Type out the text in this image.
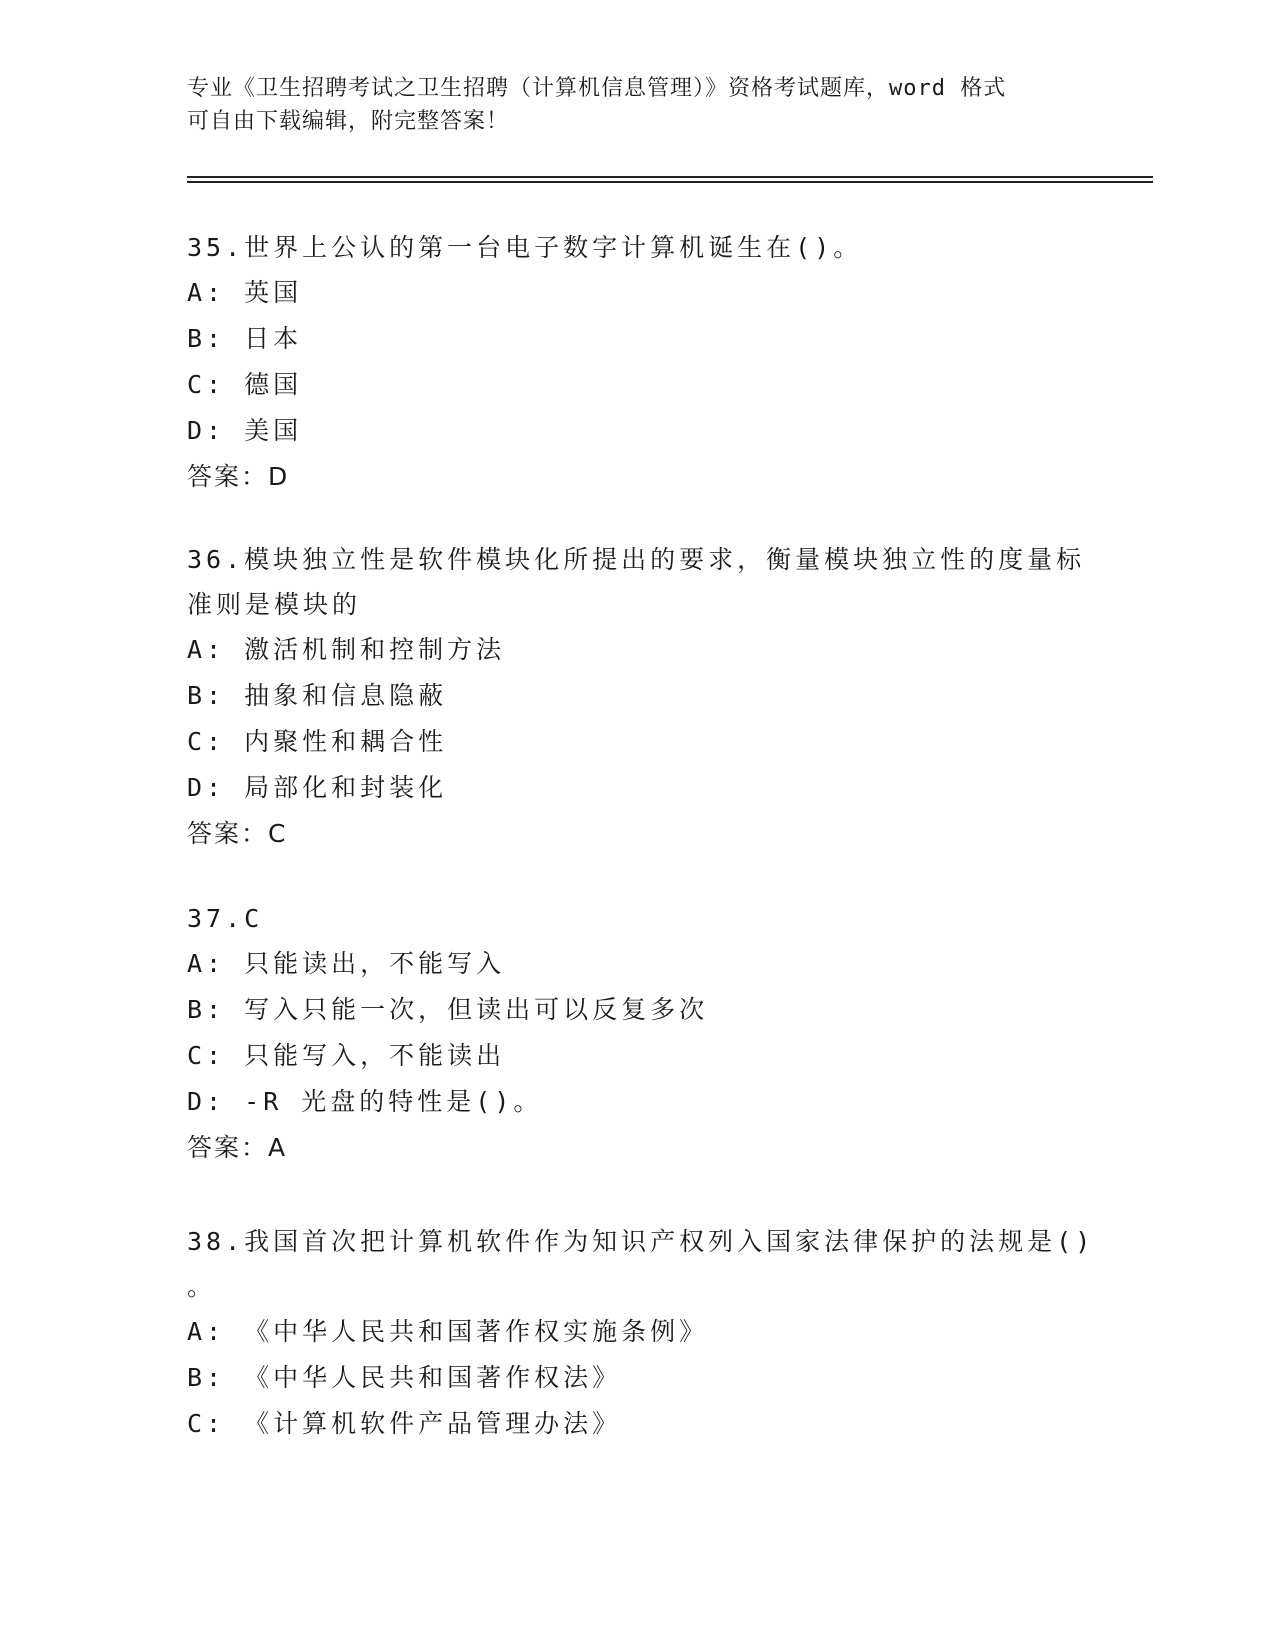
专业《卫生招聘考试之卫生招聘（计算机信息管理）》资格考试题库，word 格式
可自由下载编辑，附完整答案！
35.世界上公认的第一台电子数字计算机诞生在()。
A: 英国
B: 日本
C: 德国
D: 美国
答案：D
36.模块独立性是软件模块化所提出的要求，衡量模块独立性的度量标
准则是模块的
A: 激活机制和控制方法
B: 抽象和信息隐蔽
C: 内聚性和耦合性
D: 局部化和封装化
答案：C
37.C
A: 只能读出，不能写入
B: 写入只能一次，但读出可以反复多次
C: 只能写入，不能读出
D: -R 光盘的特性是()。
答案：A
38.我国首次把计算机软件作为知识产权列入国家法律保护的法规是()
。
A: 《中华人民共和国著作权实施条例》
B: 《中华人民共和国著作权法》
C: 《计算机软件产品管理办法》
